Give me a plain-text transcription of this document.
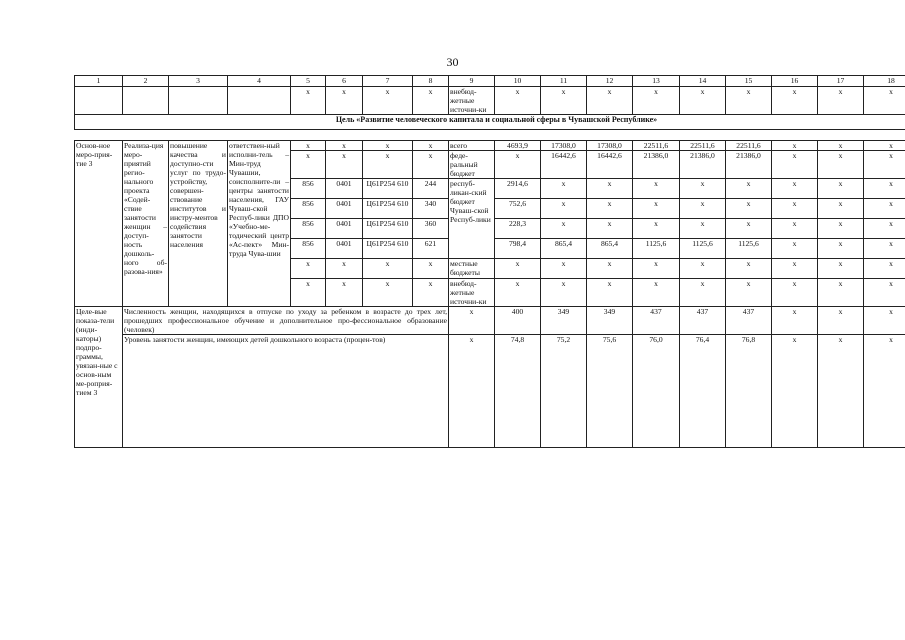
30
1	2	3	4	5	6	7	8	9	10	11	12	13	14	15	16	17	18
				х	х	х	х	внебюд-жетные источни-ки	х	х	х	х	х	х	х	х	х
Цель «Развитие человеческого капитала и социальной сферы в Чувашской Республике»																	

Основ-ное меро-прия-тие 3	Реализа-ция меро-приятий регио-нального проекта «Содей-ствие занятости женщин – доступ-ность дошколь-ного об-разова-ния»	повышение качества и доступно-сти услуг по трудо-устройству, совершен-ствование институтов и инстру-ментов содействия занятости населения	ответствен-ный исполни-тель – Мин-труд Чувашии, соисполните-ли – центры занятости населения, ГАУ Чуваш-ской Респуб-лики ДПО «Учебно-ме-тодический центр «Ас-пект» Мин-труда Чува-шии	х	х	х	х	всего	4693,9	17308,0	17308,0	22511,6	22511,6	22511,6	х	х	х
				х	х	х	х	феде-ральный бюджет	х	16442,6	16442,6	21386,0	21386,0	21386,0	х	х	х
				856	0401	Ц61Р254 610	244	респуб-ликан-ский бюджет Чуваш-ской Респуб-лики	2914,6	х	х	х	х	х	х	х	х
				856	0401	Ц61Р254 610	340		752,6	х	х	х	х	х	х	х	х
				856	0401	Ц61Р254 610	360		228,3	х	х	х	х	х	х	х	х
				856	0401	Ц61Р254 610	621		798,4	865,4	865,4	1125,6	1125,6	1125,6	х	х	х
				х	х	х	х	местные бюджеты	х	х	х	х	х	х	х	х	х
				х	х	х	х	внебюд-жетные источни-ки	х	х	х	х	х	х	х	х	х
Целе-вые показа-тели (инди-каторы) подпро-граммы, увязан-ные с основ-ным ме-роприя-тием 3	Численность женщин, находящихся в отпуске по уходу за ребенком в возрасте до трех лет, прошедших профессиональное обучение и дополнительное про-фессиональное образование (человек)							х	400	349	349	437	437	437	х	х	х
	Уровень занятости женщин, имеющих детей дошкольного возраста (процен-тов)							х	74,8	75,2	75,6	76,0	76,4	76,8	х	х	х
